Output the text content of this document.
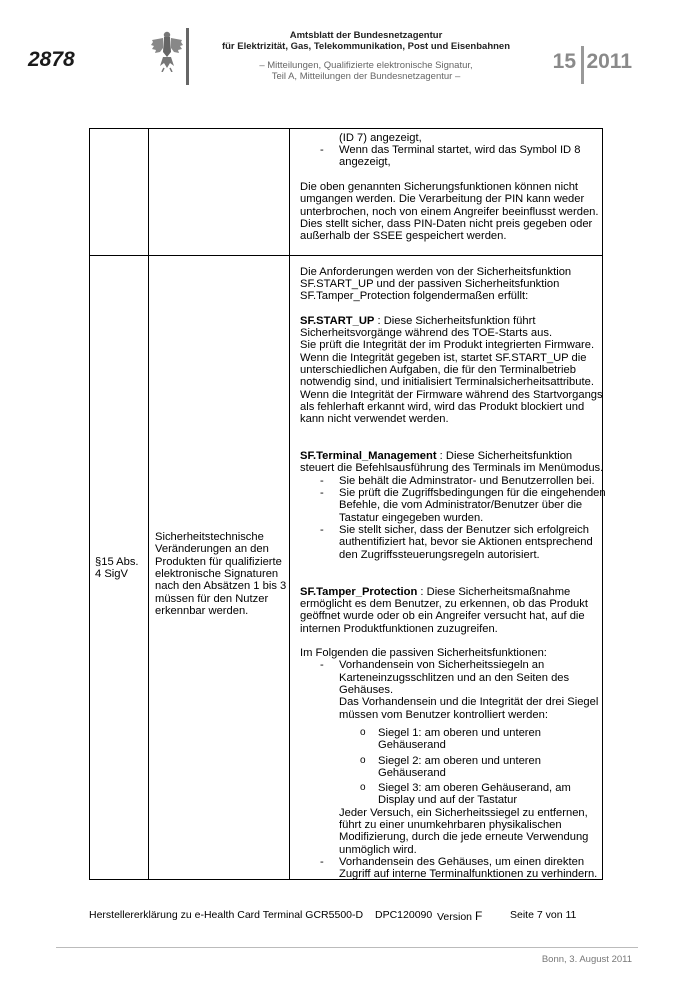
2878
Amtsblatt der Bundesnetzagentur
für Elektrizität, Gas, Telekommunikation, Post und Eisenbahnen
– Mitteilungen, Qualifizierte elektronische Signatur,
Teil A, Mitteilungen der Bundesnetzagentur –
15 2011
(ID 7) angezeigt,
- Wenn das Terminal startet, wird das Symbol ID 8
angezeigt,
Die oben genannten Sicherungsfunktionen können nicht
umgangen werden. Die Verarbeitung der PIN kann weder
unterbrochen, noch von einem Angreifer beeinflusst werden.
Dies stellt sicher, dass PIN-Daten nicht preis gegeben oder
außerhalb der SSEE gespeichert werden.
§15 Abs.
4 SigV
Sicherheitstechnische
Veränderungen an den
Produkten für qualifizierte
elektronische Signaturen
nach den Absätzen 1 bis 3
müssen für den Nutzer
erkennbar werden.
Die Anforderungen werden von der Sicherheitsfunktion
SF.START_UP und der passiven Sicherheitsfunktion
SF.Tamper_Protection folgendermaßen erfüllt:
SF.START_UP : Diese Sicherheitsfunktion führt
Sicherheitsvorgänge während des TOE-Starts aus.
Sie prüft die Integrität der im Produkt integrierten Firmware.
Wenn die Integrität gegeben ist, startet SF.START_UP die
unterschiedlichen Aufgaben, die für den Terminalbetrieb
notwendig sind, und initialisiert Terminalsicherheitsattribute.
Wenn die Integrität der Firmware während des Startvorgangs
als fehlerhaft erkannt wird, wird das Produkt blockiert und
kann nicht verwendet werden.
SF.Terminal_Management : Diese Sicherheitsfunktion
steuert die Befehlsausführung des Terminals im Menümodus.
- Sie behält die Adminstrator- und Benutzerrollen bei.
- Sie prüft die Zugriffsbedingungen für die eingehenden
Befehle, die vom Administrator/Benutzer über die
Tastatur eingegeben wurden.
- Sie stellt sicher, dass der Benutzer sich erfolgreich
authentifiziert hat, bevor sie Aktionen entsprechend
den Zugriffssteuerungsregeln autorisiert.
SF.Tamper_Protection : Diese Sicherheitsmaßnahme
ermöglicht es dem Benutzer, zu erkennen, ob das Produkt
geöffnet wurde oder ob ein Angreifer versucht hat, auf die
internen Produktfunktionen zuzugreifen.
Im Folgenden die passiven Sicherheitsfunktionen:
- Vorhandensein von Sicherheitssiegeln an
Karteneinzugsschlitzen und an den Seiten des
Gehäuses.
Das Vorhandensein und die Integrität der drei Siegel
müssen vom Benutzer kontrolliert werden:
o Siegel 1: am oberen und unteren
Gehäuserand
o Siegel 2: am oberen und unteren
Gehäuserand
o Siegel 3: am oberen Gehäuserand, am
Display und auf der Tastatur
Jeder Versuch, ein Sicherheitssiegel zu entfernen,
führt zu einer unumkehrbaren physikalischen
Modifizierung, durch die jede erneute Verwendung
unmöglich wird.
- Vorhandensein des Gehäuses, um einen direkten
Zugriff auf interne Terminalfunktionen zu verhindern.
Herstellererklärung zu e-Health Card Terminal GCR5500-D DPC120090 Version F	Seite 7 von 11
Bonn, 3. August 2011
